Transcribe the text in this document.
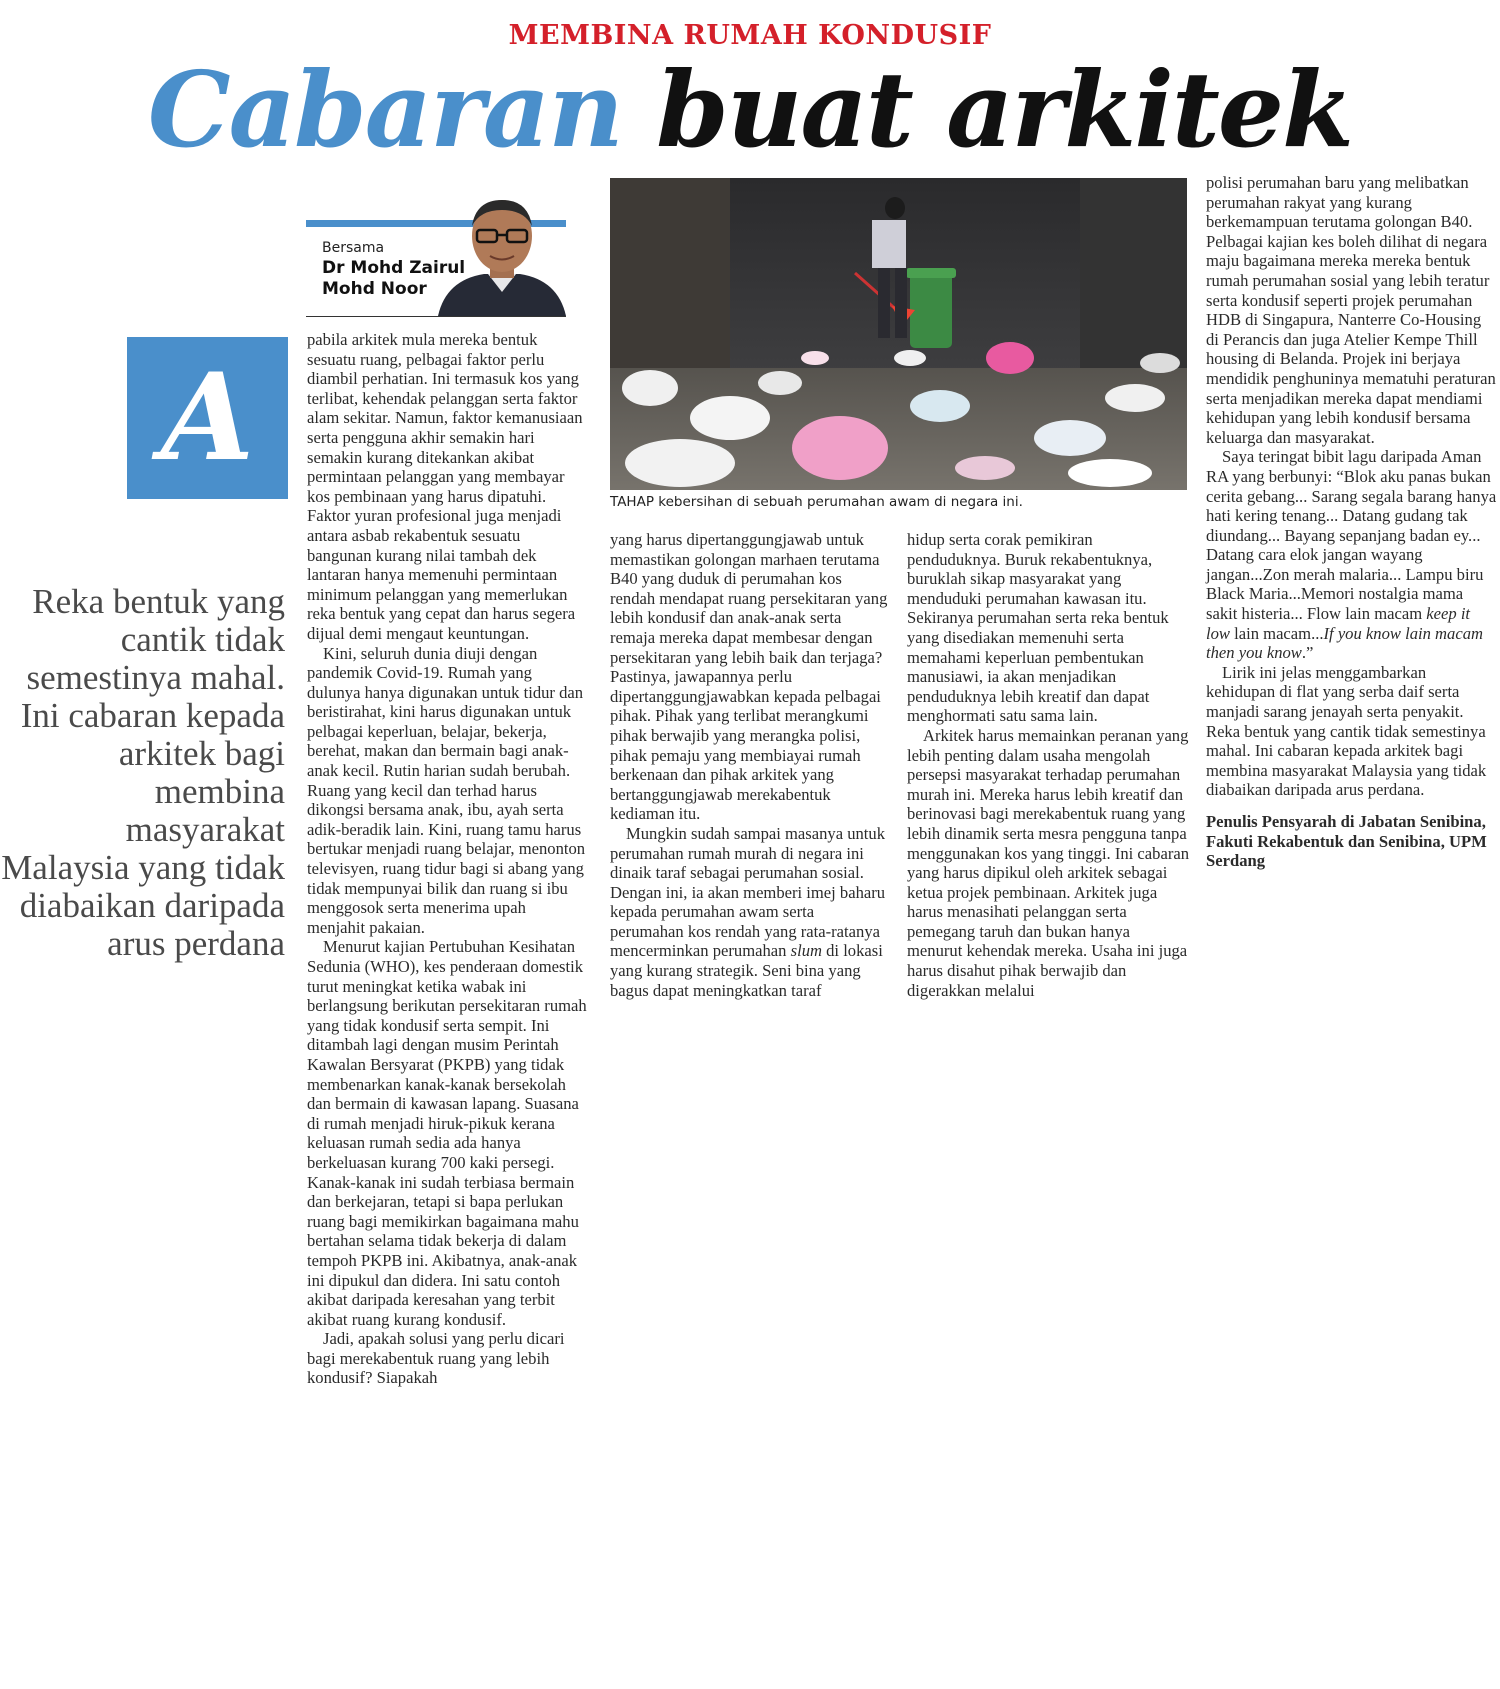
MEMBINA RUMAH KONDUSIF
Cabaran buat arkitek
Bersama
Dr Mohd Zairul
Mohd Noor
A
Reka bentuk yang cantik tidak semestinya mahal. Ini cabaran kepada arkitek bagi membina masyarakat Malaysia yang tidak diabaikan daripada arus perdana

pabila arkitek mula mereka bentuk sesuatu ruang, pelbagai faktor perlu diambil perhatian. Ini termasuk kos yang terlibat, kehendak pelanggan serta faktor alam sekitar. Namun, faktor kemanusiaan serta pengguna akhir semakin hari semakin kurang ditekankan akibat permintaan pelanggan yang membayar kos pembinaan yang harus dipatuhi. Faktor yuran profesional juga menjadi antara asbab rekabentuk sesuatu bangunan kurang nilai tambah dek lantaran hanya memenuhi permintaan minimum pelanggan yang memerlukan reka bentuk yang cepat dan harus segera dijual demi mengaut keuntungan.

Kini, seluruh dunia diuji dengan pandemik Covid-19. Rumah yang dulunya hanya digunakan untuk tidur dan beristirahat, kini harus digunakan untuk pelbagai keperluan, belajar, bekerja, berehat, makan dan bermain bagi anak-anak kecil. Rutin harian sudah berubah. Ruang yang kecil dan terhad harus dikongsi bersama anak, ibu, ayah serta adik-beradik lain. Kini, ruang tamu harus bertukar menjadi ruang belajar, menonton televisyen, ruang tidur bagi si abang yang tidak mempunyai bilik dan ruang si ibu menggosok serta menerima upah menjahit pakaian.

Menurut kajian Pertubuhan Kesihatan Sedunia (WHO), kes penderaan domestik turut meningkat ketika wabak ini berlangsung berikutan persekitaran rumah yang tidak kondusif serta sempit. Ini ditambah lagi dengan musim Perintah Kawalan Bersyarat (PKPB) yang tidak membenarkan kanak-kanak bersekolah dan bermain di kawasan lapang. Suasana di rumah menjadi hiruk-pikuk kerana keluasan rumah sedia ada hanya berkeluasan kurang 700 kaki persegi. Kanak-kanak ini sudah terbiasa bermain dan berkejaran, tetapi si bapa perlukan ruang bagi memikirkan bagaimana mahu bertahan selama tidak bekerja di dalam tempoh PKPB ini. Akibatnya, anak-anak ini dipukul dan didera. Ini satu contoh akibat daripada keresahan yang terbit akibat ruang kurang kondusif.

Jadi, apakah solusi yang perlu dicari bagi merekabentuk ruang yang lebih kondusif? Siapakah

TAHAP kebersihan di sebuah perumahan awam di negara ini.

yang harus dipertanggungjawab untuk memastikan golongan marhaen terutama B40 yang duduk di perumahan kos rendah mendapat ruang persekitaran yang lebih kondusif dan anak-anak serta remaja mereka dapat membesar dengan persekitaran yang lebih baik dan terjaga? Pastinya, jawapannya perlu dipertanggungjawabkan kepada pelbagai pihak. Pihak yang terlibat merangkumi pihak berwajib yang merangka polisi, pihak pemaju yang membiayai rumah berkenaan dan pihak arkitek yang bertanggungjawab merekabentuk kediaman itu.

Mungkin sudah sampai masanya untuk perumahan rumah murah di negara ini dinaik taraf sebagai perumahan sosial. Dengan ini, ia akan memberi imej baharu kepada perumahan awam serta perumahan kos rendah yang rata-ratanya mencerminkan perumahan slum di lokasi yang kurang strategik. Seni bina yang bagus dapat meningkatkan taraf

hidup serta corak pemikiran penduduknya. Buruk rekabentuknya, buruklah sikap masyarakat yang menduduki perumahan kawasan itu. Sekiranya perumahan serta reka bentuk yang disediakan memenuhi serta memahami keperluan pembentukan manusiawi, ia akan menjadikan penduduknya lebih kreatif dan dapat menghormati satu sama lain.

Arkitek harus memainkan peranan yang lebih penting dalam usaha mengolah persepsi masyarakat terhadap perumahan murah ini. Mereka harus lebih kreatif dan berinovasi bagi merekabentuk ruang yang lebih dinamik serta mesra pengguna tanpa menggunakan kos yang tinggi. Ini cabaran yang harus dipikul oleh arkitek sebagai ketua projek pembinaan. Arkitek juga harus menasihati pelanggan serta pemegang taruh dan bukan hanya menurut kehendak mereka. Usaha ini juga harus disahut pihak berwajib dan digerakkan melalui

polisi perumahan baru yang melibatkan perumahan rakyat yang kurang berkemampuan terutama golongan B40. Pelbagai kajian kes boleh dilihat di negara maju bagaimana mereka mereka bentuk rumah perumahan sosial yang lebih teratur serta kondusif seperti projek perumahan HDB di Singapura, Nanterre Co-Housing di Perancis dan juga Atelier Kempe Thill housing di Belanda. Projek ini berjaya mendidik penghuninya mematuhi peraturan serta menjadikan mereka dapat mendiami kehidupan yang lebih kondusif bersama keluarga dan masyarakat.

Saya teringat bibit lagu daripada Aman RA yang berbunyi: “Blok aku panas bukan cerita gebang... Sarang segala barang hanya hati kering tenang... Datang gudang tak diundang... Bayang sepanjang badan ey... Datang cara elok jangan wayang jangan...Zon merah malaria... Lampu biru Black Maria...Memori nostalgia mama sakit histeria... Flow lain macam keep it low lain macam...If you know lain macam then you know.”

Lirik ini jelas menggambarkan kehidupan di flat yang serba daif serta manjadi sarang jenayah serta penyakit. Reka bentuk yang cantik tidak semestinya mahal. Ini cabaran kepada arkitek bagi membina masyarakat Malaysia yang tidak diabaikan daripada arus perdana.

Penulis Pensyarah di Jabatan Senibina, Fakuti Rekabentuk dan Senibina, UPM Serdang
